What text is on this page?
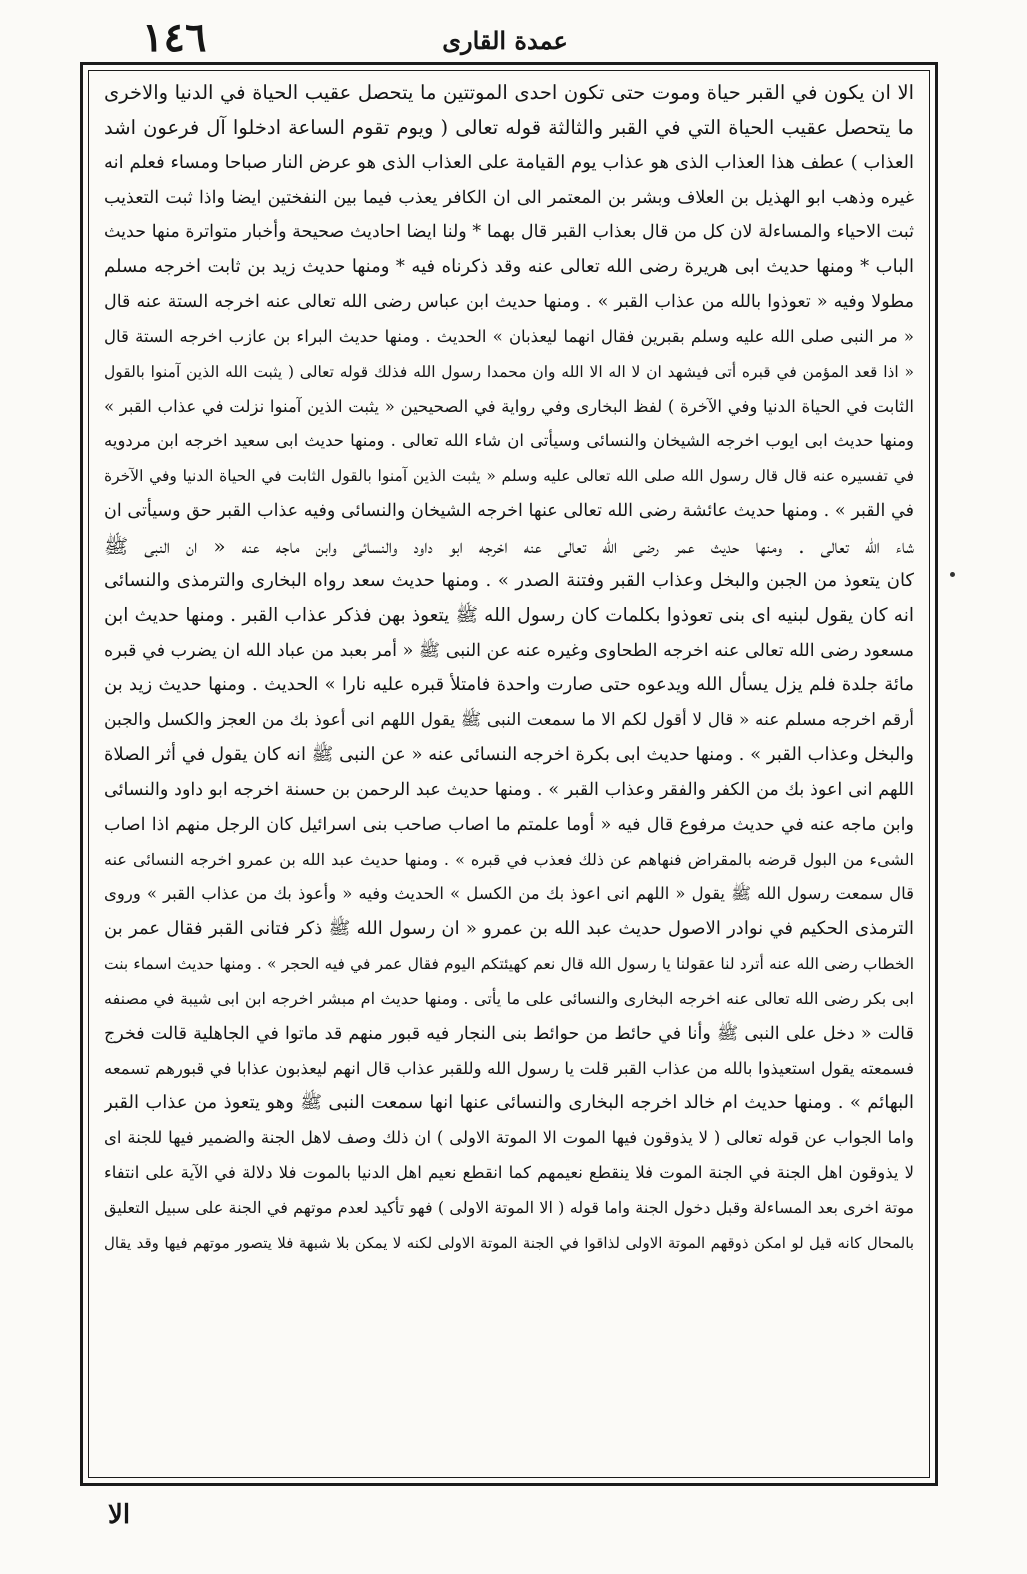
١٤٦	عمدة القارى
الا ان يكون في القبر حياة وموت حتى تكون احدى الموتتين ما يتحصل عقيب الحياة في الدنيا والاخرى
ما يتحصل عقيب الحياة التي في القبر والثالثة قوله تعالى ( ويوم تقوم الساعة ادخلوا آل فرعون اشد
العذاب ) عطف هذا العذاب الذى هو عذاب يوم القيامة على العذاب الذى هو عرض النار صباحا ومساء فعلم انه
غيره وذهب ابو الهذيل بن العلاف وبشر بن المعتمر الى ان الكافر يعذب فيما بين النفختين ايضا واذا ثبت التعذيب
ثبت الاحياء والمساءلة لان كل من قال بعذاب القبر قال بهما * ولنا ايضا احاديث صحيحة وأخبار متواترة منها حديث
الباب * ومنها حديث ابى هريرة رضى الله تعالى عنه وقد ذكرناه فيه * ومنها حديث زيد بن ثابت اخرجه مسلم
مطولا وفيه « تعوذوا بالله من عذاب القبر » . ومنها حديث ابن عباس رضى الله تعالى عنه اخرجه الستة عنه قال
« مر النبى صلى الله عليه وسلم بقبرين فقال انهما ليعذبان » الحديث . ومنها حديث البراء بن عازب اخرجه الستة قال
« اذا قعد المؤمن في قبره أتى فيشهد ان لا اله الا الله وان محمدا رسول الله فذلك قوله تعالى ( يثبت الله الذين آمنوا بالقول
الثابت في الحياة الدنيا وفي الآخرة ) لفظ البخارى وفي رواية في الصحيحين « يثبت الذين آمنوا نزلت في عذاب القبر »
ومنها حديث ابى ايوب اخرجه الشيخان والنسائى وسيأتى ان شاء الله تعالى . ومنها حديث ابى سعيد اخرجه ابن مردويه
في تفسيره عنه قال قال رسول الله صلى الله تعالى عليه وسلم « يثبت الذين آمنوا بالقول الثابت في الحياة الدنيا وفي الآخرة
في القبر » . ومنها حديث عائشة رضى الله تعالى عنها اخرجه الشيخان والنسائى وفيه عذاب القبر حق وسيأتى ان
شاء الله تعالى . ومنها حديث عمر رضى الله تعالى عنه اخرجه ابو داود والنسائى وابن ماجه عنه « ان النبى ﷺ
كان يتعوذ من الجبن والبخل وعذاب القبر وفتنة الصدر » . ومنها حديث سعد رواه البخارى والترمذى والنسائى
انه كان يقول لبنيه اى بنى تعوذوا بكلمات كان رسول الله ﷺ يتعوذ بهن فذكر عذاب القبر . ومنها حديث ابن
مسعود رضى الله تعالى عنه اخرجه الطحاوى وغيره عنه عن النبى ﷺ « أمر بعبد من عباد الله ان يضرب في قبره
مائة جلدة فلم يزل يسأل الله ويدعوه حتى صارت واحدة فامتلأ قبره عليه نارا » الحديث . ومنها حديث زيد بن
أرقم اخرجه مسلم عنه « قال لا أقول لكم الا ما سمعت النبى ﷺ يقول اللهم انى أعوذ بك من العجز والكسل والجبن
والبخل وعذاب القبر » . ومنها حديث ابى بكرة اخرجه النسائى عنه « عن النبى ﷺ انه كان يقول في أثر الصلاة
اللهم انى اعوذ بك من الكفر والفقر وعذاب القبر » . ومنها حديث عبد الرحمن بن حسنة اخرجه ابو داود والنسائى
وابن ماجه عنه في حديث مرفوع قال فيه « أوما علمتم ما اصاب صاحب بنى اسرائيل كان الرجل منهم اذا اصاب
الشىء من البول قرضه بالمقراض فنهاهم عن ذلك فعذب في قبره » . ومنها حديث عبد الله بن عمرو اخرجه النسائى عنه
قال سمعت رسول الله ﷺ يقول « اللهم انى اعوذ بك من الكسل » الحديث وفيه « وأعوذ بك من عذاب القبر » وروى
الترمذى الحكيم في نوادر الاصول حديث عبد الله بن عمرو « ان رسول الله ﷺ ذكر فتانى القبر فقال عمر بن
الخطاب رضى الله عنه أترد لنا عقولنا يا رسول الله قال نعم كهيئتكم اليوم فقال عمر في فيه الحجر » . ومنها حديث اسماء بنت
ابى بكر رضى الله تعالى عنه اخرجه البخارى والنسائى على ما يأتى . ومنها حديث ام مبشر اخرجه ابن ابى شيبة في مصنفه
قالت « دخل على النبى ﷺ وأنا في حائط من حوائط بنى النجار فيه قبور منهم قد ماتوا في الجاهلية قالت فخرج
فسمعته يقول استعيذوا بالله من عذاب القبر قلت يا رسول الله وللقبر عذاب قال انهم ليعذبون عذابا في قبورهم تسمعه
البهائم » . ومنها حديث ام خالد اخرجه البخارى والنسائى عنها انها سمعت النبى ﷺ وهو يتعوذ من عذاب القبر
واما الجواب عن قوله تعالى ( لا يذوقون فيها الموت الا الموتة الاولى ) ان ذلك وصف لاهل الجنة والضمير فيها للجنة اى
لا يذوقون اهل الجنة في الجنة الموت فلا ينقطع نعيمهم كما انقطع نعيم اهل الدنيا بالموت فلا دلالة في الآية على انتفاء
موتة اخرى بعد المساءلة وقبل دخول الجنة واما قوله ( الا الموتة الاولى ) فهو تأكيد لعدم موتهم في الجنة على سبيل التعليق
بالمحال كانه قيل لو امكن ذوقهم الموتة الاولى لذاقوا في الجنة الموتة الاولى لكنه لا يمكن بلا شبهة فلا يتصور موتهم فيها وقد يقال
الا
